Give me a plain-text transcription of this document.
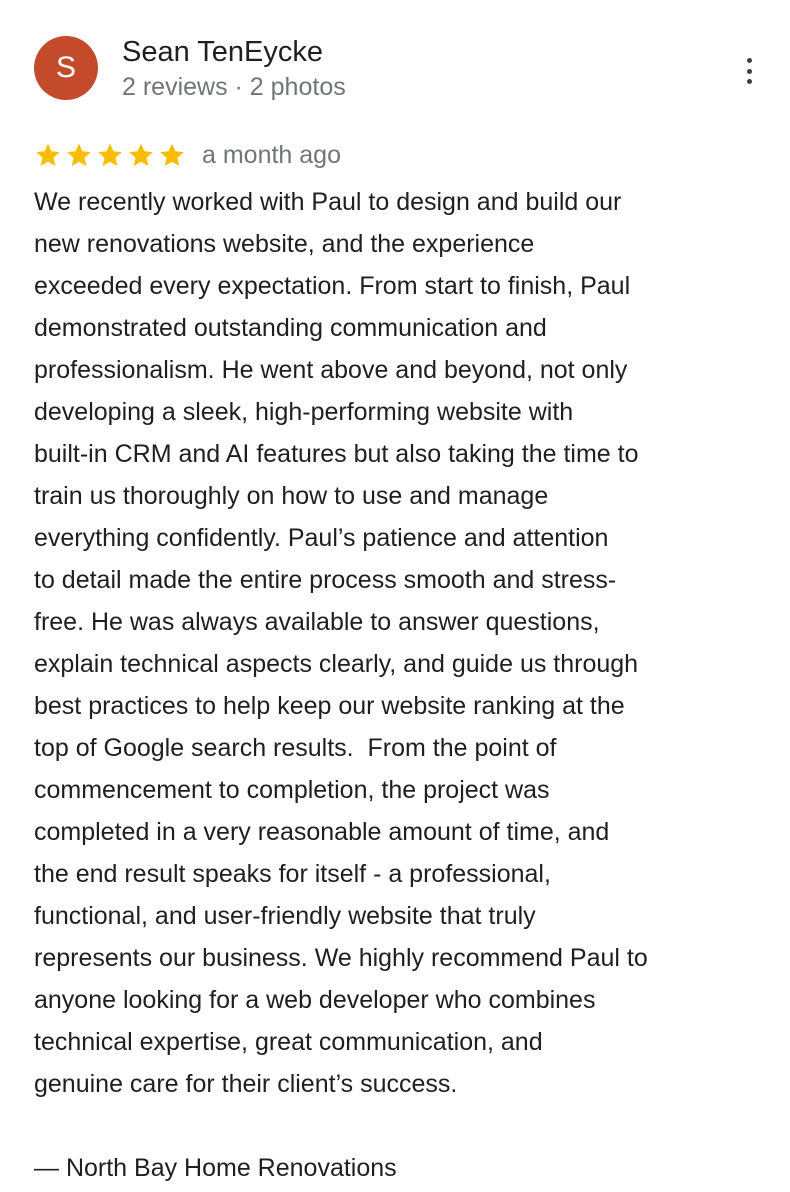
S	Sean TenEycke
2 reviews · 2 photos
a month ago
We recently worked with Paul to design and build our
new renovations website, and the experience
exceeded every expectation. From start to finish, Paul
demonstrated outstanding communication and
professionalism. He went above and beyond, not only
developing a sleek, high-performing website with
built-in CRM and AI features but also taking the time to
train us thoroughly on how to use and manage
everything confidently. Paul’s patience and attention
to detail made the entire process smooth and stress-
free. He was always available to answer questions,
explain technical aspects clearly, and guide us through
best practices to help keep our website ranking at the
top of Google search results.  From the point of
commencement to completion, the project was
completed in a very reasonable amount of time, and
the end result speaks for itself - a professional,
functional, and user-friendly website that truly
represents our business. We highly recommend Paul to
anyone looking for a web developer who combines
technical expertise, great communication, and
genuine care for their client’s success.
— North Bay Home Renovations
